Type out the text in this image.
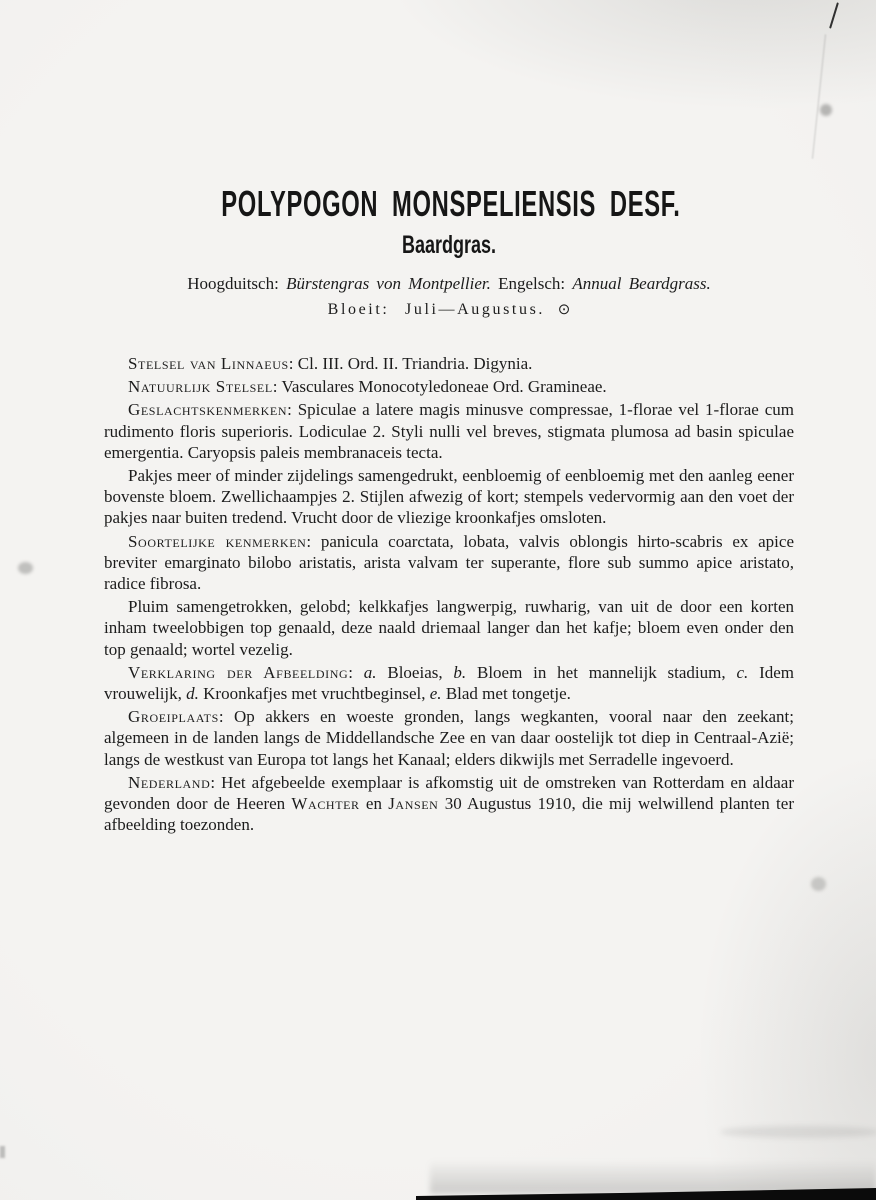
POLYPOGON MONSPELIENSIS DESF.
Baardgras.

Hoogduitsch: Bürstengras von Montpellier. Engelsch: Annual Beardgrass.

Bloeit: Juli—Augustus. ⊙

Stelsel van Linnaeus: Cl. III. Ord. II. Triandria. Digynia.

Natuurlijk Stelsel: Vasculares Monocotyledoneae Ord. Gramineae.

Geslachtskenmerken: Spiculae a latere magis minusve compressae, 1-florae vel 1-florae cum rudimento floris superioris. Lodiculae 2. Styli nulli vel breves, stigmata plumosa ad basin spiculae emergentia. Caryopsis paleis membranaceis tecta.

Pakjes meer of minder zijdelings samengedrukt, eenbloemig of eenbloemig met den aanleg eener bovenste bloem. Zwellichaampjes 2. Stijlen afwezig of kort; stempels vedervormig aan den voet der pakjes naar buiten tredend. Vrucht door de vliezige kroonkafjes omsloten.

Soortelijke kenmerken: panicula coarctata, lobata, valvis oblongis hirto-scabris ex apice breviter emarginato bilobo aristatis, arista valvam ter superante, flore sub summo apice aristato, radice fibrosa.

Pluim samengetrokken, gelobd; kelkkafjes langwerpig, ruwharig, van uit de door een korten inham tweelobbigen top genaald, deze naald driemaal langer dan het kafje; bloem even onder den top genaald; wortel vezelig.

Verklaring der Afbeelding: a. Bloeias, b. Bloem in het mannelijk stadium, c. Idem vrouwelijk, d. Kroonkafjes met vruchtbeginsel, e. Blad met tongetje.

Groeiplaats: Op akkers en woeste gronden, langs wegkanten, vooral naar den zeekant; algemeen in de landen langs de Middellandsche Zee en van daar oostelijk tot diep in Centraal-Azië; langs de westkust van Europa tot langs het Kanaal; elders dikwijls met Serradelle ingevoerd.

Nederland: Het afgebeelde exemplaar is afkomstig uit de omstreken van Rotterdam en aldaar gevonden door de Heeren Wachter en Jansen 30 Augustus 1910, die mij welwillend planten ter afbeelding toezonden.
